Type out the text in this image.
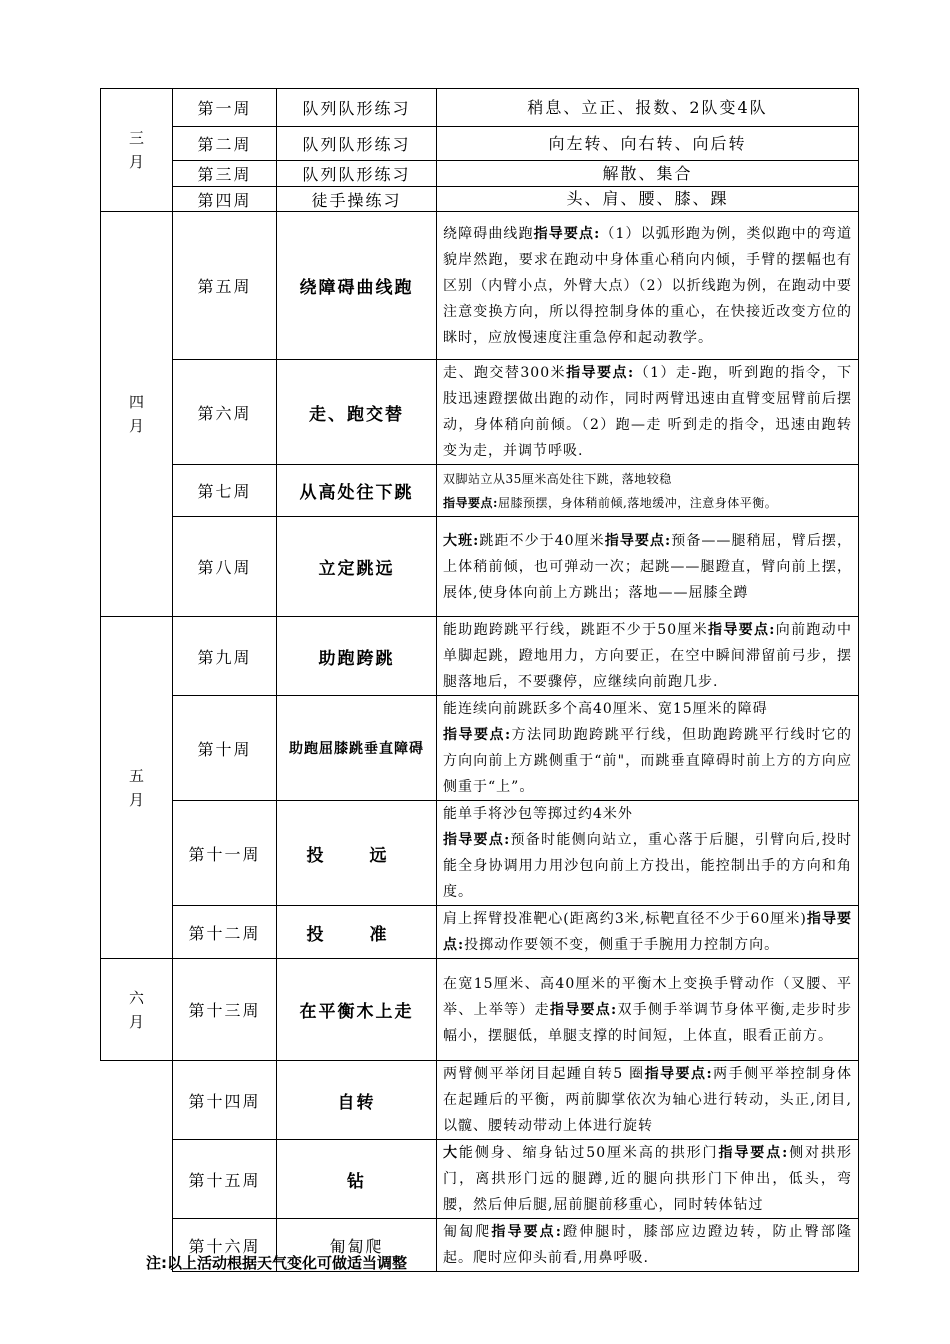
三
月	第一周	队列队形练习	稍息、立正、报数、2队变4队
	第二周	队列队形练习	向左转、向右转、向后转
	第三周	队列队形练习	解散、集合
	第四周	徒手操练习	头、肩、腰、膝、踝

四
月	第五周	绕障碍曲线跑	绕障碍曲线跑指导要点:（1）以弧形跑为例，类似跑中的弯道貌岸然跑，要求在跑动中身体重心稍向内倾，手臂的摆幅也有区别（内臂小点，外臂大点）（2）以折线跑为例，在跑动中要注意变换方向，所以得控制身体的重心，在快接近改变方位的眯时，应放慢速度注重急停和起动教学。
	第六周	走、跑交替	走、跑交替300米指导要点:（1）走-跑，听到跑的指令，下肢迅速蹬摆做出跑的动作，同时两臂迅速由直臂变屈臂前后摆动，身体稍向前倾。（2）跑—走 听到走的指令，迅速由跑转变为走，并调节呼吸.
	第七周	从高处往下跳	双脚站立从35厘米高处往下跳，落地较稳
指导要点:屈膝预摆，身体稍前倾,落地缓冲，注意身体平衡。
	第八周	立定跳远	大班:跳距不少于40厘米指导要点:预备——腿稍屈，臂后摆，上体稍前倾，也可弹动一次；起跳——腿蹬直，臂向前上摆，展体,使身体向前上方跳出；落地——屈膝全蹲

五
月	第九周	助跑跨跳	能助跑跨跳平行线，跳距不少于50厘米指导要点:向前跑动中单脚起跳，蹬地用力，方向要正，在空中瞬间滞留前弓步，摆腿落地后，不要骤停，应继续向前跑几步.
	第十周	助跑屈膝跳垂直障碍	能连续向前跳跃多个高40厘米、宽15厘米的障碍
指导要点:方法同助跑跨跳平行线，但助跑跨跳平行线时它的方向向前上方跳侧重于“前"，而跳垂直障碍时前上方的方向应侧重于“上”。
	第十一周	投 远	能单手将沙包等掷过约4米外
指导要点:预备时能侧向站立，重心落于后腿，引臂向后,投时能全身协调用力用沙包向前上方投出，能控制出手的方向和角度。
	第十二周	投 准	肩上挥臂投准靶心(距离约3米,标靶直径不少于60厘米)指导要点:投掷动作要领不变，侧重于手腕用力控制方向。

六
月	第十三周	在平衡木上走	在宽15厘米、高40厘米的平衡木上变换手臂动作（叉腰、平举、上举等）走指导要点:双手侧手举调节身体平衡,走步时步幅小，摆腿低，单腿支撑的时间短，上体直，眼看正前方。
	第十四周	自转	两臂侧平举闭目起踵自转5 圈指导要点:两手侧平举控制身体在起踵后的平衡，两前脚掌依次为轴心进行转动，头正,闭目,以髋、腰转动带动上体进行旋转
	第十五周	钻	大能侧身、缩身钻过50厘米高的拱形门指导要点:侧对拱形门，离拱形门远的腿蹲,近的腿向拱形门下伸出，低头，弯腰，然后伸后腿,屈前腿前移重心，同时转体钻过
	第十六周	匍匐爬	匍匐爬指导要点:蹬伸腿时，膝部应边蹬边转，防止臀部隆起。爬时应仰头前看,用鼻呼吸.
注:以上活动根据天气变化可做适当调整
